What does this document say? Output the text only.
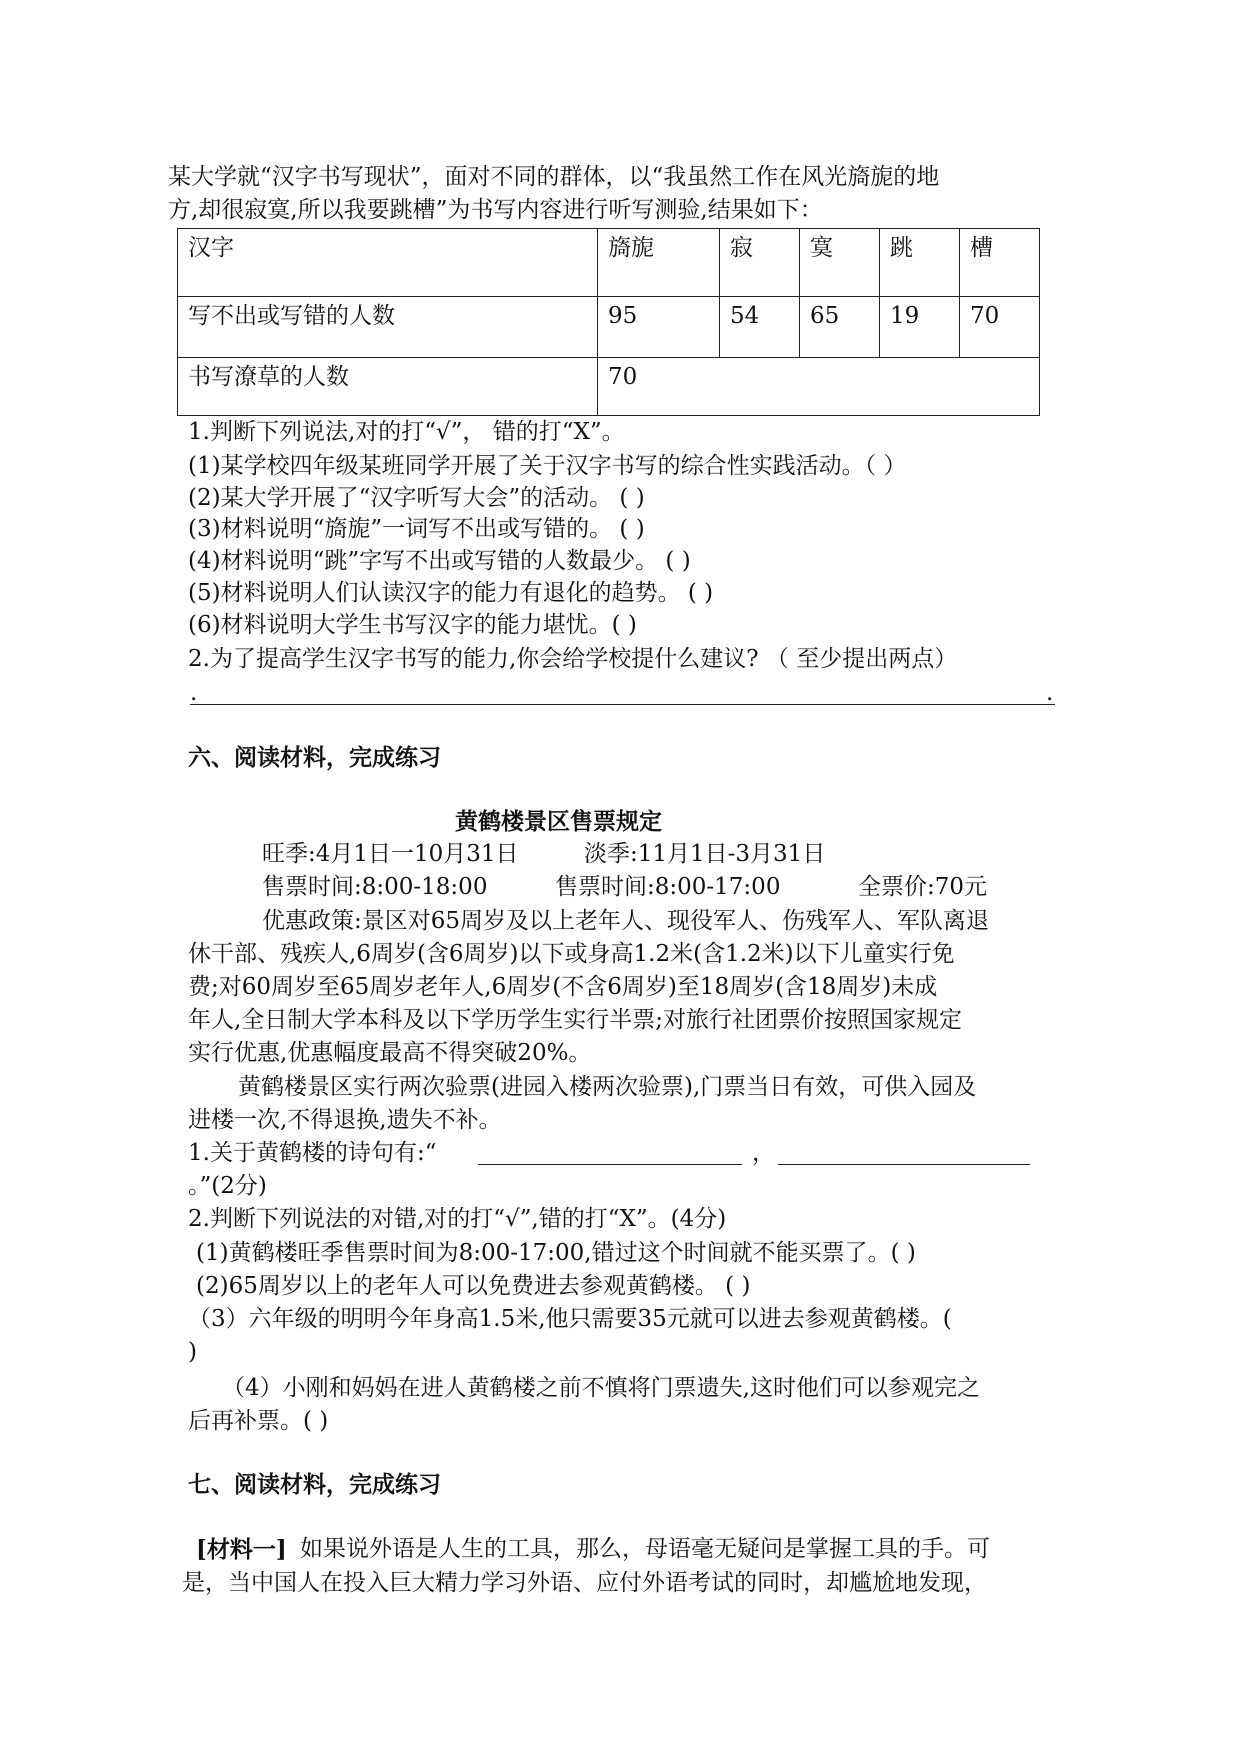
某大学就“汉字书写现状”，面对不同的群体，以“我虽然工作在风光旖旎的地
方,却很寂寞,所以我要跳槽”为书写内容进行听写测验,结果如下：
汉字	旖旎	寂	寞	跳	槽
写不出或写错的人数	95	54	65	19	70
书写潦草的人数	70				
1.判断下列说法,对的打“√”， 错的打“X”。
(1)某学校四年级某班同学开展了关于汉字书写的综合性实践活动。（ ）
(2)某大学开展了“汉字听写大会”的活动。 ( )
(3)材料说明“旖旎”一词写不出或写错的。 ( )
(4)材料说明“跳”字写不出或写错的人数最少。 ( )
(5)材料说明人们认读汉字的能力有退化的趋势。 ( )
(6)材料说明大学生书写汉字的能力堪忧。( )
2.为了提高学生汉字书写的能力,你会给学校提什么建议? （ 至少提出两点）
.	.
六、阅读材料，完成练习
黄鹤楼景区售票规定
旺季:4月1日一10月31日	淡季:11月1日-3月31日
售票时间:8:00-18:00	售票时间:8:00-17:00	全票价:70元
优惠政策:景区对65周岁及以上老年人、现役军人、伤残军人、军队离退
休干部、残疾人,6周岁(含6周岁)以下或身高1.2米(含1.2米)以下儿童实行免
费;对60周岁至65周岁老年人,6周岁(不含6周岁)至18周岁(含18周岁)未成
年人,全日制大学本科及以下学历学生实行半票;对旅行社团票价按照国家规定
实行优惠,优惠幅度最高不得突破20%。
黄鹤楼景区实行两次验票(进园入楼两次验票),门票当日有效，可供入园及
进楼一次,不得退换,遗失不补。
1.关于黄鹤楼的诗句有:“	，
。”(2分)
2.判断下列说法的对错,对的打“√”,错的打“X”。(4分)
(1)黄鹤楼旺季售票时间为8:00-17:00,错过这个时间就不能买票了。( )
(2)65周岁以上的老年人可以免费进去参观黄鹤楼。 ( )
（3）六年级的明明今年身高1.5米,他只需要35元就可以进去参观黄鹤楼。(
)
（4）小刚和妈妈在进人黄鹤楼之前不慎将门票遗失,这时他们可以参观完之
后再补票。( )
七、阅读材料，完成练习
[材料一] 如果说外语是人生的工具，那么，母语毫无疑问是掌握工具的手。可
是，当中国人在投入巨大精力学习外语、应付外语考试的同时，却尴尬地发现，
